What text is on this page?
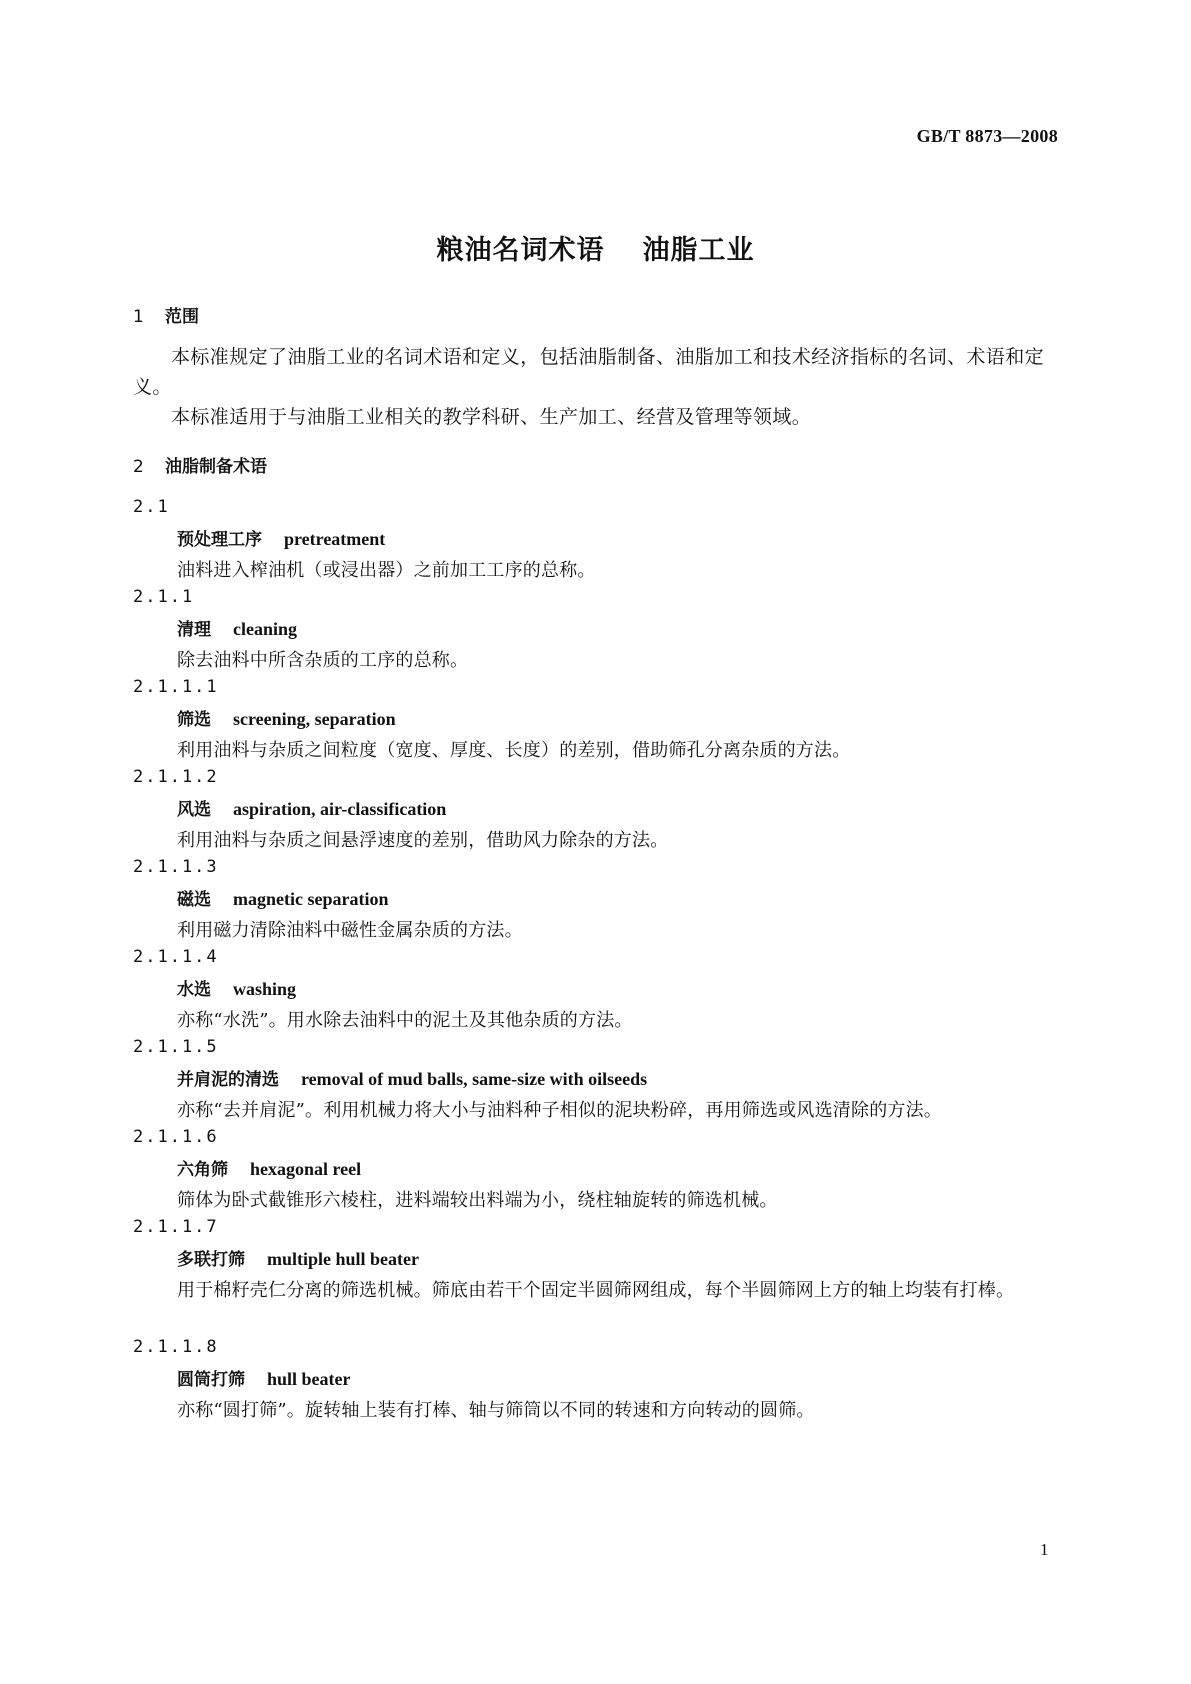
GB/T 8873—2008
粮油名词术语 油脂工业
1 范围
本标准规定了油脂工业的名词术语和定义，包括油脂制备、油脂加工和技术经济指标的名词、术语和定义。
本标准适用于与油脂工业相关的教学科研、生产加工、经营及管理等领域。
2 油脂制备术语
2.1
预处理工序 pretreatment
油料进入榨油机（或浸出器）之前加工工序的总称。
2.1.1
清理 cleaning
除去油料中所含杂质的工序的总称。
2.1.1.1
筛选 screening, separation
利用油料与杂质之间粒度（宽度、厚度、长度）的差别，借助筛孔分离杂质的方法。
2.1.1.2
风选 aspiration, air-classification
利用油料与杂质之间悬浮速度的差别，借助风力除杂的方法。
2.1.1.3
磁选 magnetic separation
利用磁力清除油料中磁性金属杂质的方法。
2.1.1.4
水选 washing
亦称“水洗”。用水除去油料中的泥土及其他杂质的方法。
2.1.1.5
并肩泥的清选 removal of mud balls, same-size with oilseeds
亦称“去并肩泥”。利用机械力将大小与油料种子相似的泥块粉碎，再用筛选或风选清除的方法。
2.1.1.6
六角筛 hexagonal reel
筛体为卧式截锥形六棱柱，进料端较出料端为小，绕柱轴旋转的筛选机械。
2.1.1.7
多联打筛 multiple hull beater
用于棉籽壳仁分离的筛选机械。筛底由若干个固定半圆筛网组成，每个半圆筛网上方的轴上均装有打棒。
2.1.1.8
圆筒打筛 hull beater
亦称“圆打筛”。旋转轴上装有打棒、轴与筛筒以不同的转速和方向转动的圆筛。
1
